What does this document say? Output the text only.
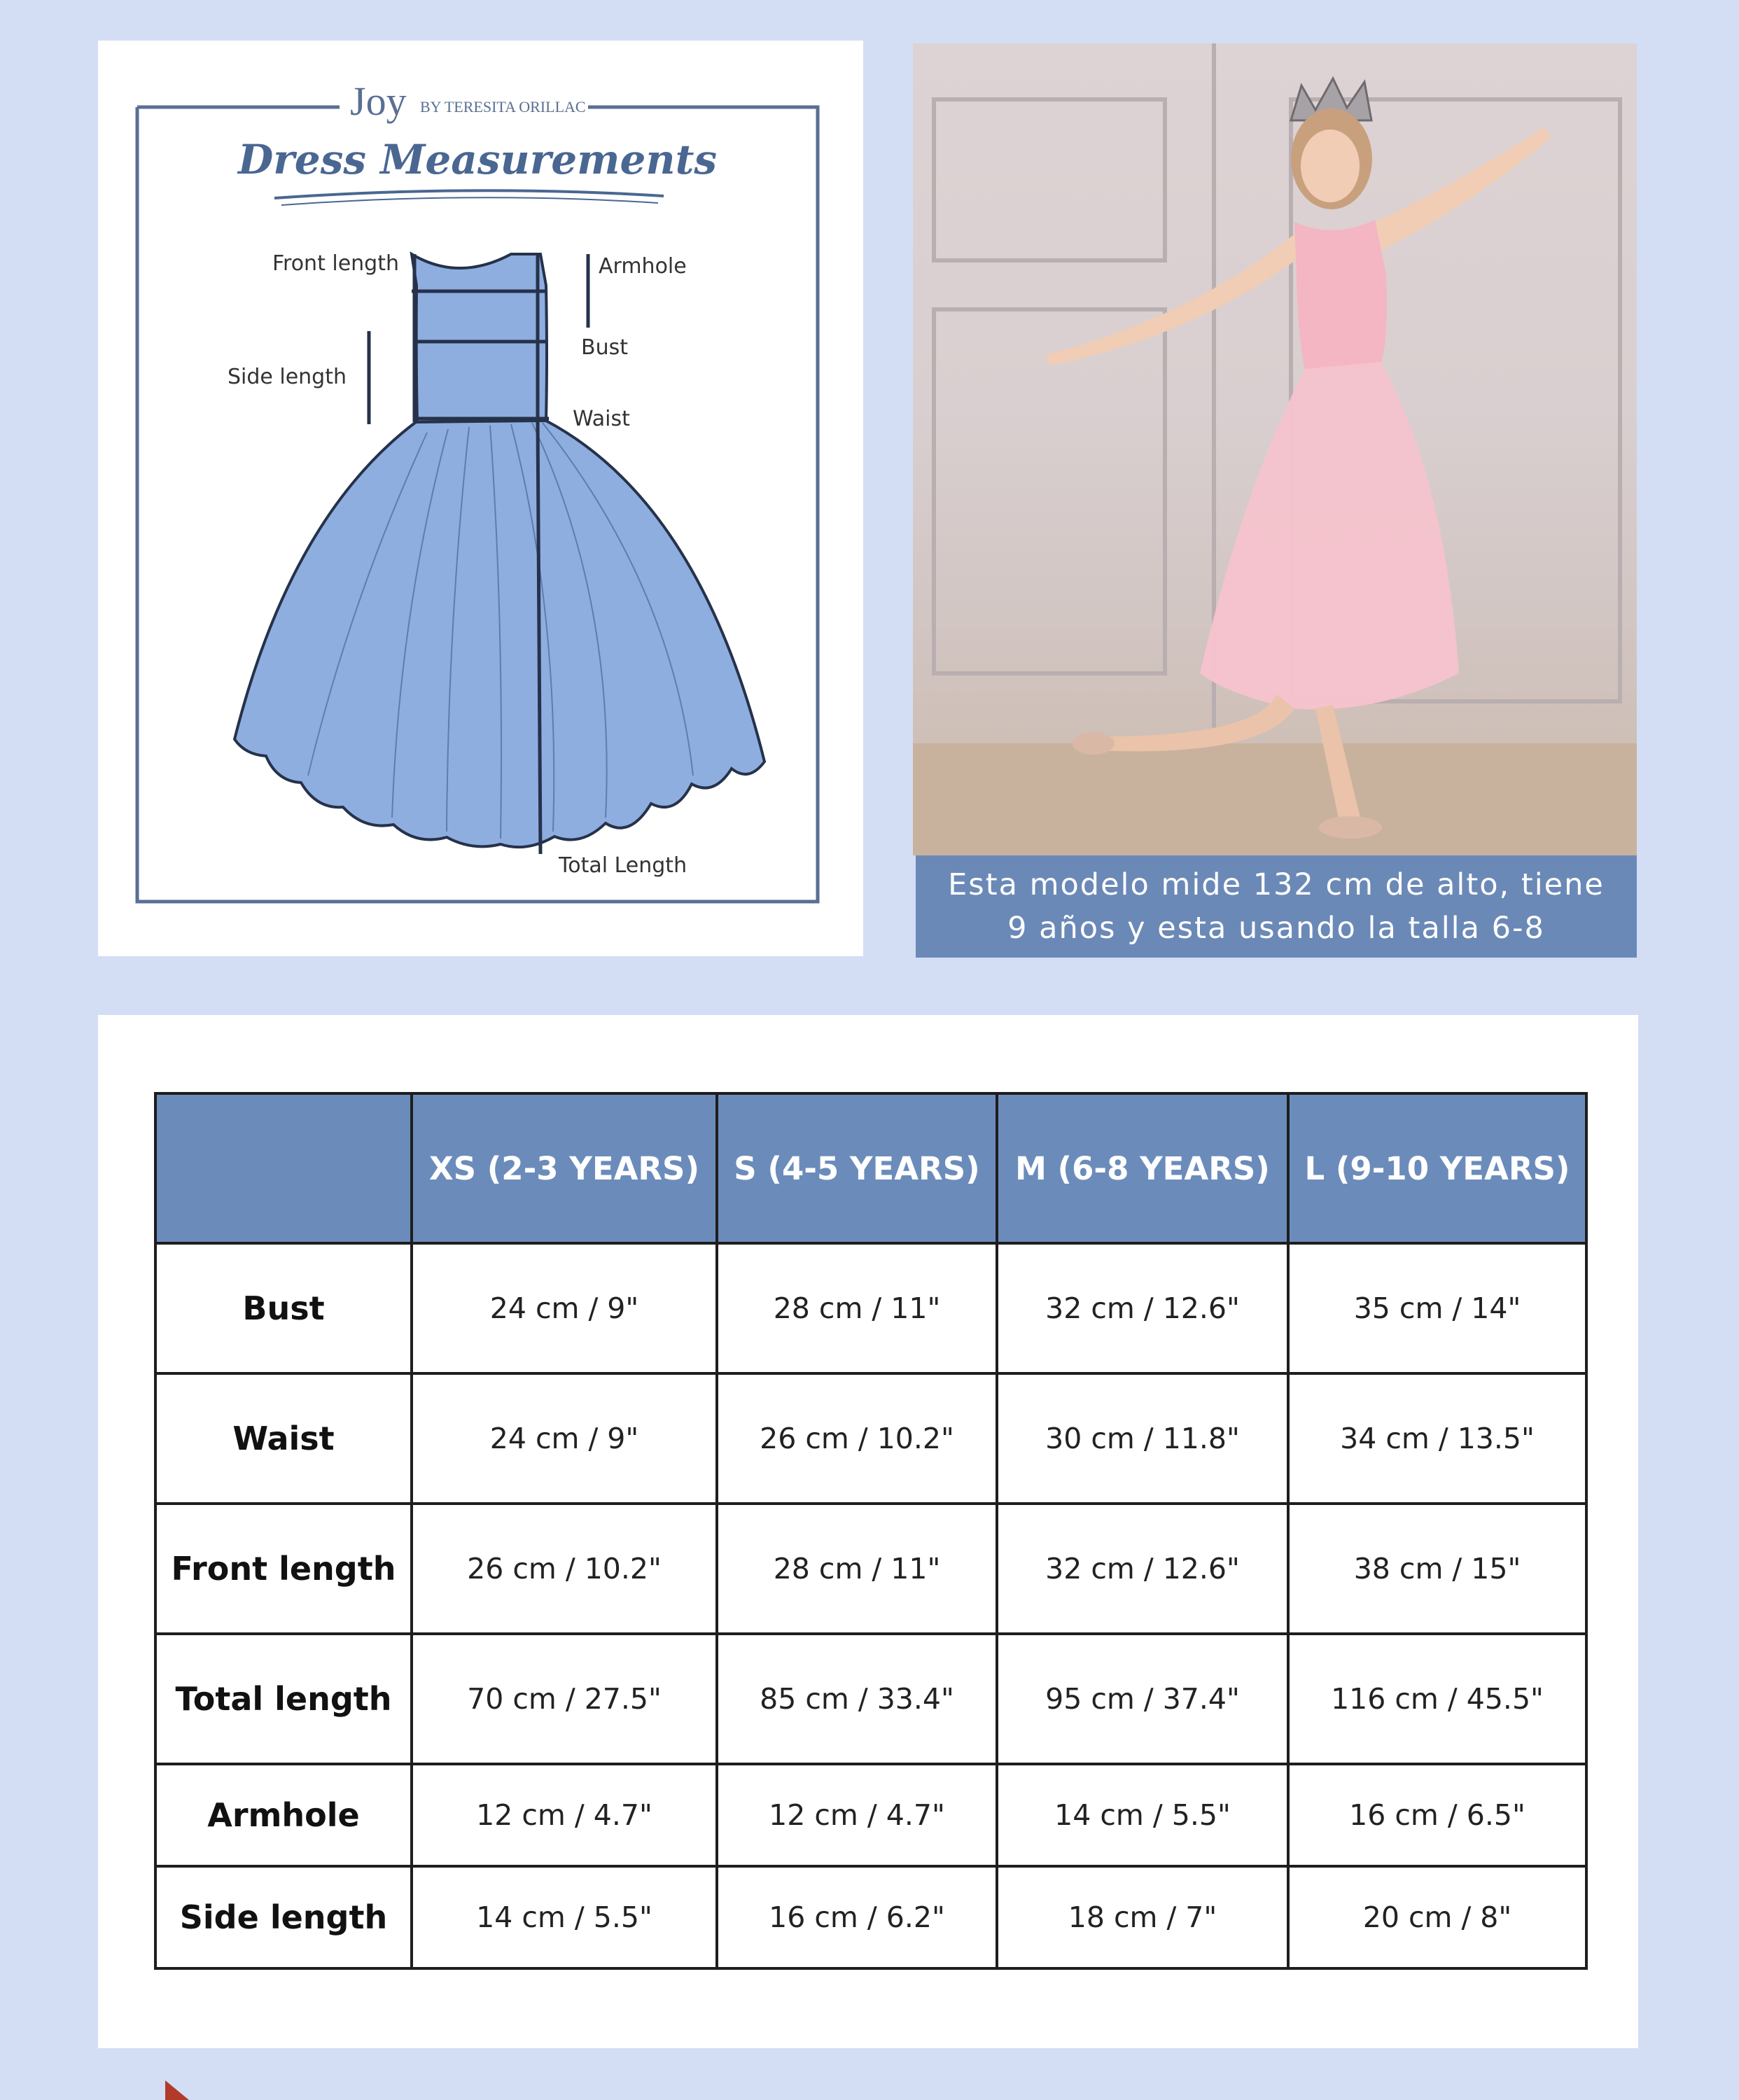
Joy BY TERESITA ORILLAC
Dress Measurements
Front length	Armhole
Bust
Side length
Waist
Total Length
Esta modelo mide 132 cm de alto, tiene 9 años y esta usando la talla 6-8
	XS (2-3 YEARS)	S (4-5 YEARS)	M (6-8 YEARS)	L (9-10 YEARS)
Bust	24 cm / 9"	28 cm / 11"	32 cm / 12.6"	35 cm / 14"
Waist	24 cm / 9"	26 cm / 10.2"	30 cm / 11.8"	34 cm / 13.5"
Front length	26 cm / 10.2"	28 cm / 11"	32 cm / 12.6"	38 cm / 15"
Total length	70 cm / 27.5"	85 cm / 33.4"	95 cm / 37.4"	116 cm / 45.5"
Armhole	12 cm / 4.7"	12 cm / 4.7"	14 cm / 5.5"	16 cm / 6.5"
Side length	14 cm / 5.5"	16 cm / 6.2"	18 cm / 7"	20 cm / 8"
